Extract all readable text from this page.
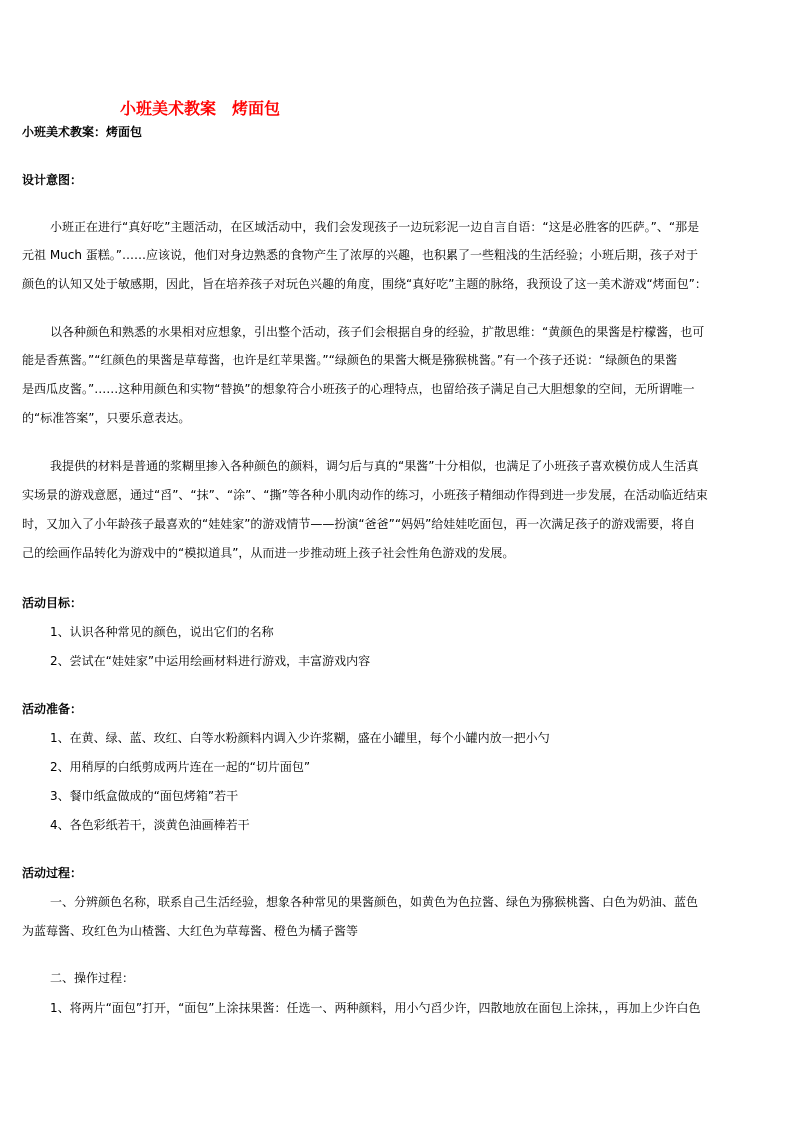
小班美术教案　烤面包
小班美术教案：烤面包
设计意图：
小班正在进行“真好吃”主题活动，在区域活动中，我们会发现孩子一边玩彩泥一边自言自语：“这是必胜客的匹萨。”、“那是
元祖 Much 蛋糕。”……应该说，他们对身边熟悉的食物产生了浓厚的兴趣，也积累了一些粗浅的生活经验；小班后期，孩子对于
颜色的认知又处于敏感期，因此，旨在培养孩子对玩色兴趣的角度，围绕“真好吃”主题的脉络，我预设了这一美术游戏“烤面包”：
以各种颜色和熟悉的水果相对应想象，引出整个活动，孩子们会根据自身的经验，扩散思维：“黄颜色的果酱是柠檬酱，也可
能是香蕉酱。”“红颜色的果酱是草莓酱，也许是红苹果酱。”“绿颜色的果酱大概是猕猴桃酱。”有一个孩子还说：“绿颜色的果酱
是西瓜皮酱。”……这种用颜色和实物“替换”的想象符合小班孩子的心理特点，也留给孩子满足自己大胆想象的空间，无所谓唯一
的“标准答案”，只要乐意表达。
我提供的材料是普通的浆糊里掺入各种颜色的颜料，调匀后与真的“果酱”十分相似，也满足了小班孩子喜欢模仿成人生活真
实场景的游戏意愿，通过“舀”、“抹”、“涂”、“撕”等各种小肌肉动作的练习，小班孩子精细动作得到进一步发展，在活动临近结束
时，又加入了小年龄孩子最喜欢的“娃娃家”的游戏情节——扮演“爸爸”“妈妈”给娃娃吃面包，再一次满足孩子的游戏需要，将自
己的绘画作品转化为游戏中的“模拟道具”，从而进一步推动班上孩子社会性角色游戏的发展。
活动目标：
1、认识各种常见的颜色，说出它们的名称
2、尝试在“娃娃家”中运用绘画材料进行游戏，丰富游戏内容
活动准备：
1、在黄、绿、蓝、玫红、白等水粉颜料内调入少许浆糊，盛在小罐里，每个小罐内放一把小勺
2、用稍厚的白纸剪成两片连在一起的“切片面包”
3、餐巾纸盒做成的“面包烤箱”若干
4、各色彩纸若干，淡黄色油画棒若干
活动过程：
一、分辨颜色名称，联系自己生活经验，想象各种常见的果酱颜色，如黄色为色拉酱、绿色为猕猴桃酱、白色为奶油、蓝色
为蓝莓酱、玫红色为山楂酱、大红色为草莓酱、橙色为橘子酱等
二、操作过程：
1、将两片“面包”打开，“面包”上涂抹果酱：任选一、两种颜料，用小勺舀少许，四散地放在面包上涂抹，，再加上少许白色
